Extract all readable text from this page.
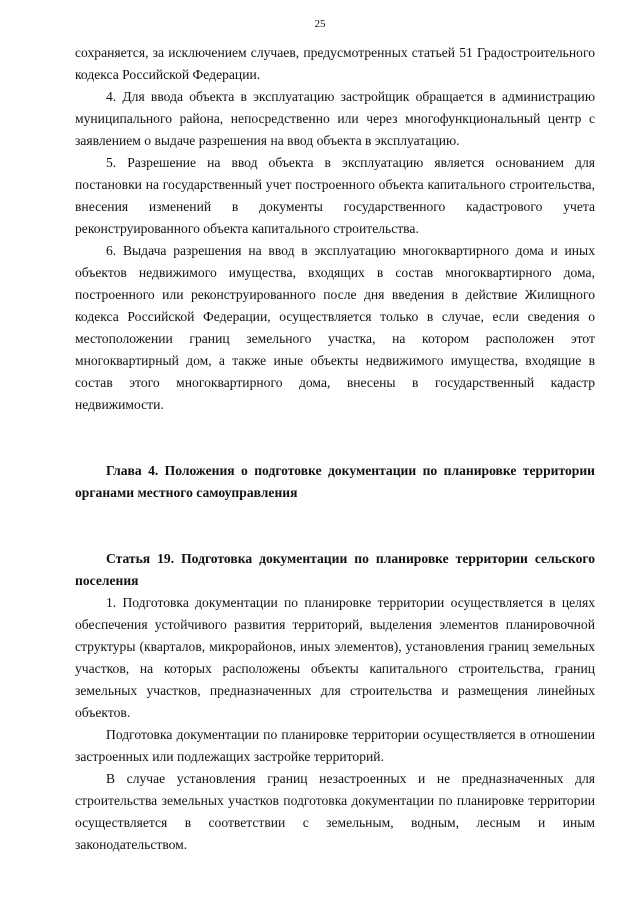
25

сохраняется, за исключением случаев, предусмотренных статьей 51 Градостроительного кодекса Российской Федерации.

4. Для ввода объекта в эксплуатацию застройщик обращается в администрацию муниципального района, непосредственно или через многофункциональный центр с заявлением о выдаче разрешения на ввод объекта в эксплуатацию.

5. Разрешение на ввод объекта в эксплуатацию является основанием для постановки на государственный учет построенного объекта капитального строительства, внесения изменений в документы государственного кадастрового учета реконструированного объекта капитального строительства.

6. Выдача разрешения на ввод в эксплуатацию многоквартирного дома и иных объектов недвижимого имущества, входящих в состав многоквартирного дома, построенного или реконструированного после дня введения в действие Жилищного кодекса Российской Федерации, осуществляется только в случае, если сведения о местоположении границ земельного участка, на котором расположен этот многоквартирный дом, а также иные объекты недвижимого имущества, входящие в состав этого многоквартирного дома, внесены в государственный кадастр недвижимости.

Глава 4. Положения о подготовке документации по планировке территории органами местного самоуправления

Статья 19. Подготовка документации по планировке территории сельского поселения

1. Подготовка документации по планировке территории осуществляется в целях обеспечения устойчивого развития территорий, выделения элементов планировочной структуры (кварталов, микрорайонов, иных элементов), установления границ земельных участков, на которых расположены объекты капитального строительства, границ земельных участков, предназначенных для строительства и размещения линейных объектов.

Подготовка документации по планировке территории осуществляется в отношении застроенных или подлежащих застройке территорий.

В случае установления границ незастроенных и не предназначенных для строительства земельных участков подготовка документации по планировке территории осуществляется в соответствии с земельным, водным, лесным и иным законодательством.
